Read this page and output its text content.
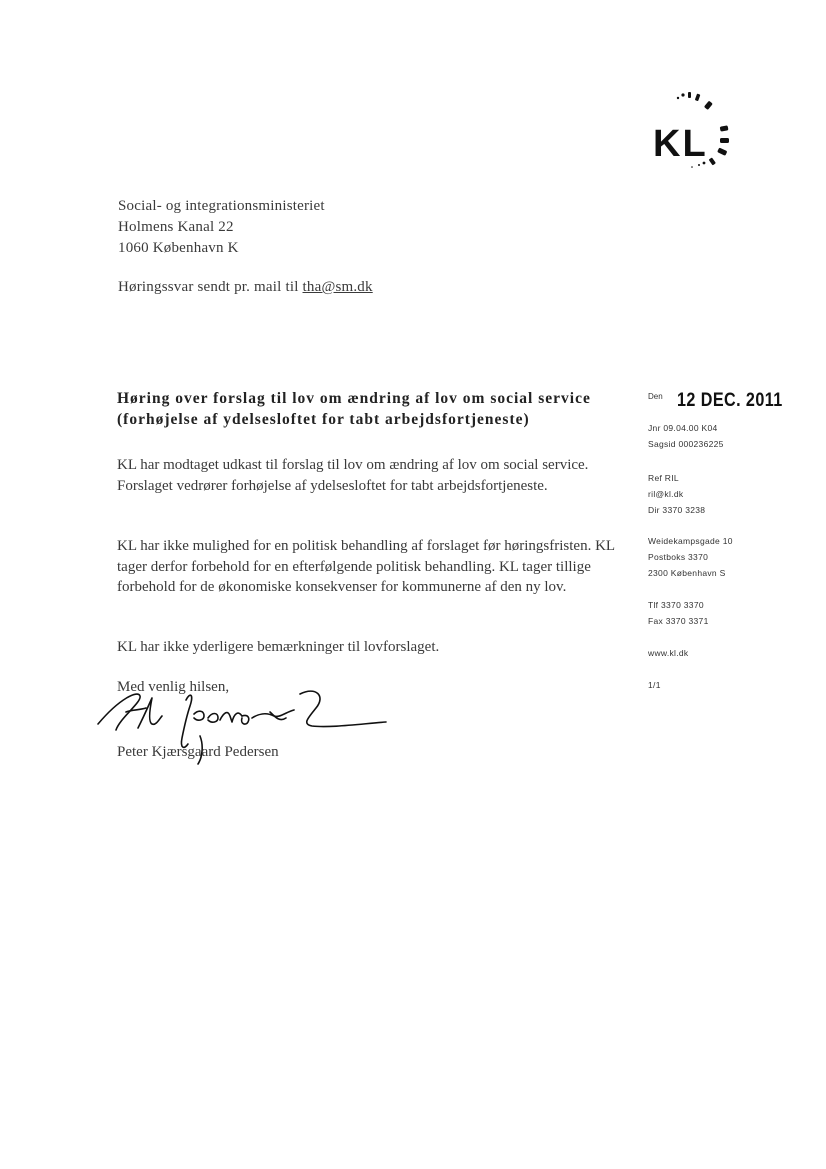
KL
Social- og integrationsministeriet
Holmens Kanal 22
1060 København K
Høringssvar sendt pr. mail til tha@sm.dk
Høring over forslag til lov om ændring af lov om social service (forhøjelse af ydelsesloftet for tabt arbejdsfortjeneste)
KL har modtaget udkast til forslag til lov om ændring af lov om social service. Forslaget vedrører forhøjelse af ydelsesloftet for tabt arbejdsfortjeneste.
KL har ikke mulighed for en politisk behandling af forslaget før høringsfristen. KL tager derfor forbehold for en efterfølgende politisk behandling. KL tager tillige forbehold for de økonomiske konsekvenser for kommunerne af den ny lov.
KL har ikke yderligere bemærkninger til lovforslaget.
Med venlig hilsen,
Peter Kjærsgaard Pedersen
Den 12 DEC. 2011
Jnr 09.04.00 K04
Sagsid 000236225
Ref RIL
ril@kl.dk
Dir 3370 3238
Weidekampsgade 10
Postboks 3370
2300 København S
Tlf 3370 3370
Fax 3370 3371
www.kl.dk
1/1
